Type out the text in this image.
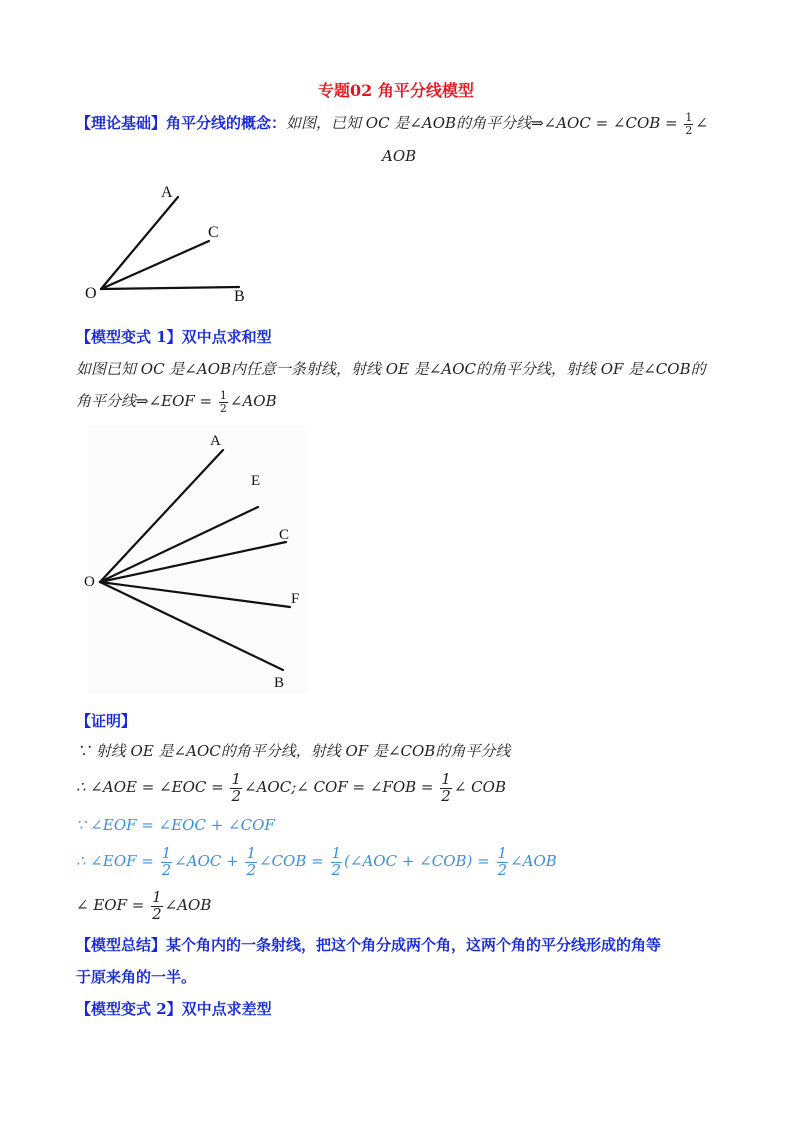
专题02 角平分线模型
【理论基础】角平分线的概念：如图，已知 OC 是∠AOB的角平分线⇒∠AOC = ∠COB = $\frac{1}{2}$ ∠
AOB
A
C
O	B
【模型变式 1】双中点求和型
如图已知 OC 是∠AOB内任意一条射线，射线 OE 是∠AOC的角平分线，射线 OF 是∠COB的
角平分线⇒∠EOF = $\frac{1}{2}$ ∠AOB
A
E
C
O
F
B
【证明】
∵ 射线 OE 是∠AOC的角平分线，射线 OF 是∠COB的角平分线
∴ ∠AOE = ∠EOC = $\frac{1}{2}$ ∠AOC;∠ COF = ∠FOB = $\frac{1}{2}$ ∠ COB
∵ ∠EOF = ∠EOC + ∠COF
∴ ∠EOF = $\frac{1}{2}$ ∠AOC + $\frac{1}{2}$ ∠COB = $\frac{1}{2}$ (∠AOC + ∠COB) = $\frac{1}{2}$ ∠AOB
∠ EOF = $\frac{1}{2}$ ∠AOB
【模型总结】某个角内的一条射线，把这个角分成两个角，这两个角的平分线形成的角等
于原来角的一半。
【模型变式 2】双中点求差型
